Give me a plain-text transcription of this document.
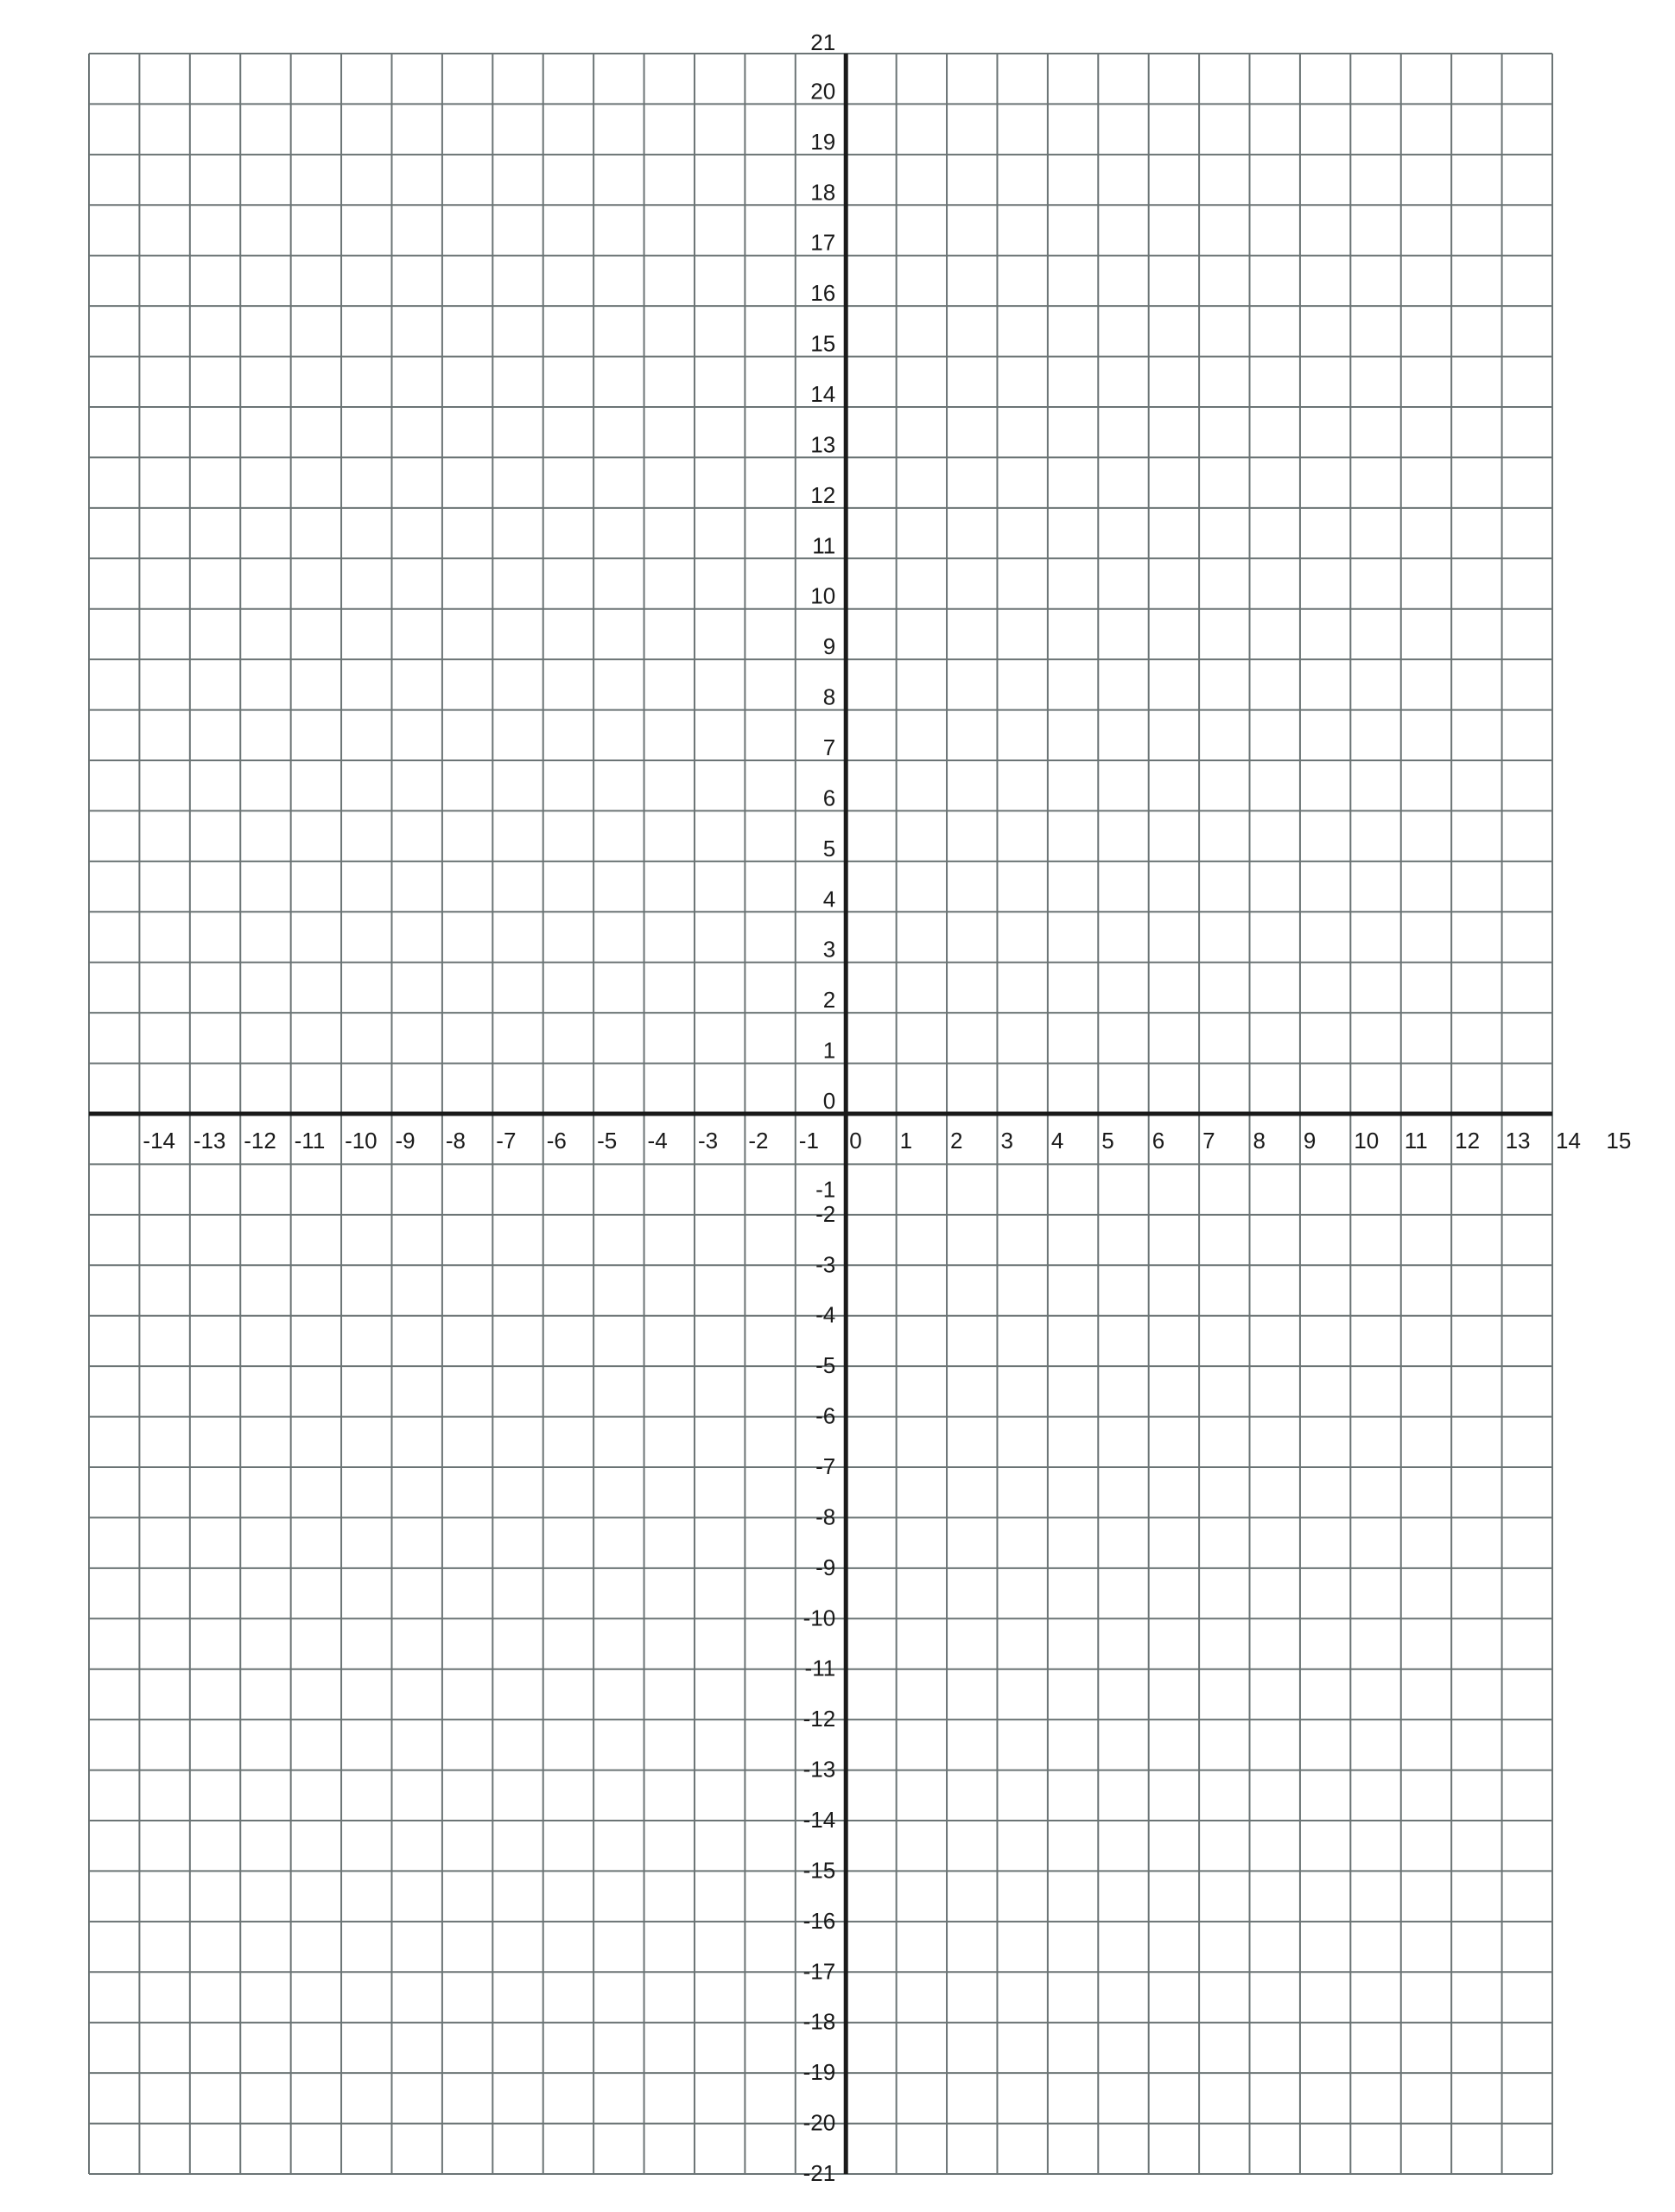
-14 -13 -12 -11 -10 -9 -8 -7 -6 -5 -4 -3 -2 -1 0 1 2 3 4 5 6 7 8 9 10 11 12 13 14 15
21
20
19
18
17
16
15
14
13
12
11
10
9
8
7
6
5
4
3
2
1
0
-1
-2
-3
-4
-5
-6
-7
-8
-9
-10
-11
-12
-13
-14
-15
-16
-17
-18
-19
-20
-21
